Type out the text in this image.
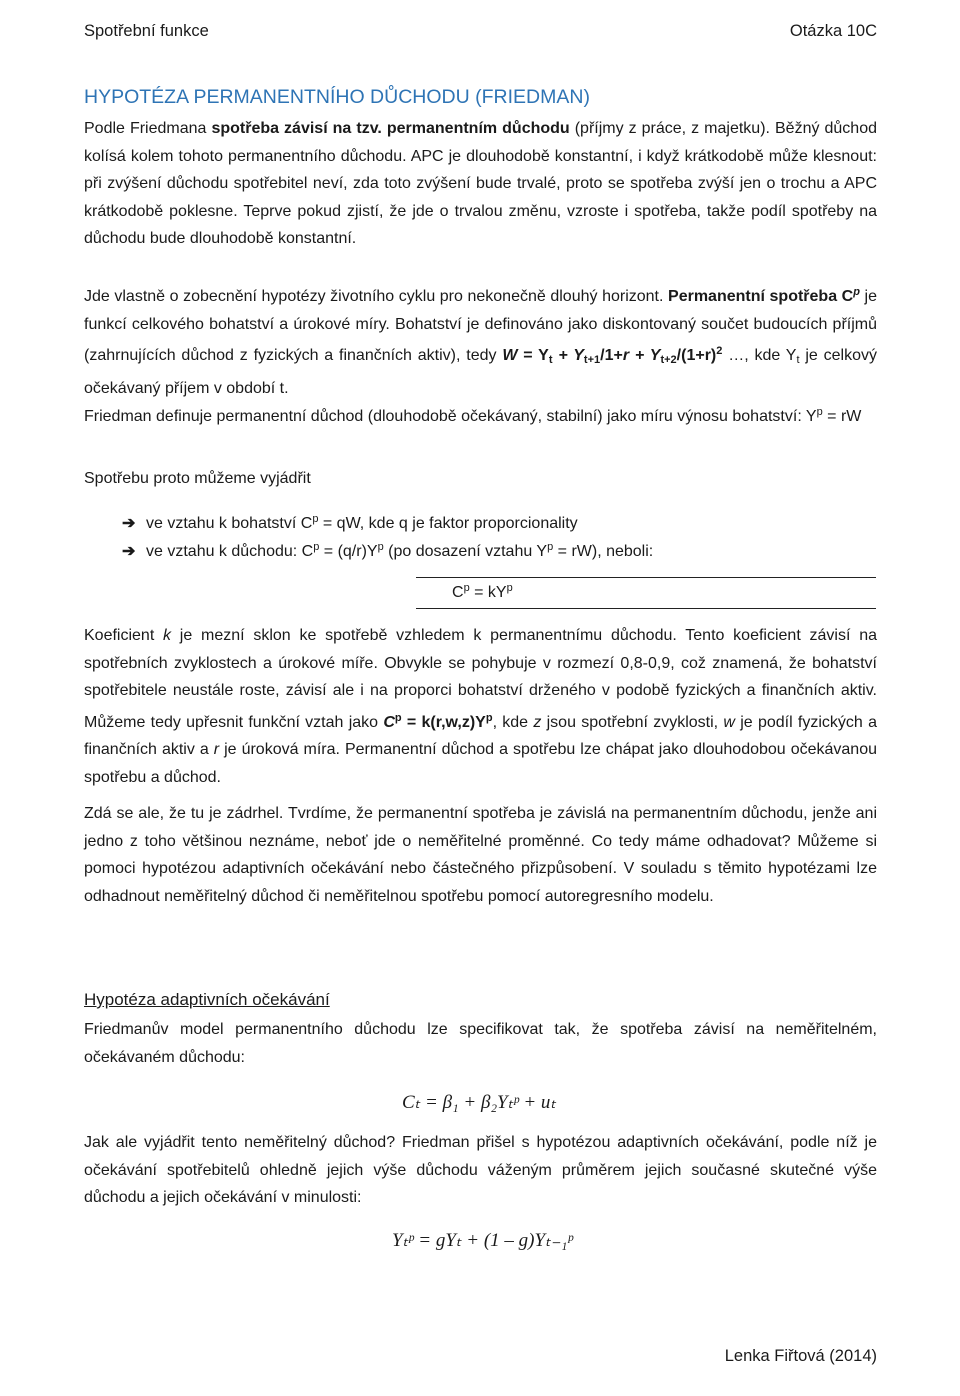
Spotřební funkce	Otázka 10C
HYPOTÉZA PERMANENTNÍHO DŮCHODU (FRIEDMAN)
Podle Friedmana spotřeba závisí na tzv. permanentním důchodu (příjmy z práce, z majetku). Běžný důchod kolísá kolem tohoto permanentního důchodu. APC je dlouhodobě konstantní, i když krátkodobě může klesnout: při zvýšení důchodu spotřebitel neví, zda toto zvýšení bude trvalé, proto se spotřeba zvýší jen o trochu a APC krátkodobě poklesne. Teprve pokud zjistí, že jde o trvalou změnu, vzroste i spotřeba, takže podíl spotřeby na důchodu bude dlouhodobě konstantní.
Jde vlastně o zobecnění hypotézy životního cyklu pro nekonečně dlouhý horizont. Permanentní spotřeba $C^p$ je funkcí celkového bohatství a úrokové míry. Bohatství je definováno jako diskontovaný součet budoucích příjmů (zahrnujících důchod z fyzických a finančních aktiv), tedy $W = Y_t + Y_{t+1}/1+r + Y_{t+2}/(1+r)^2$ …, kde $Y_t$ je celkový očekávaný příjem v období t.
Friedman definuje permanentní důchod (dlouhodobě očekávaný, stabilní) jako míru výnosu bohatství: $Y^p$ = rW
Spotřebu proto můžeme vyjádřit
➔ ve vztahu k bohatství $C^p$ = qW, kde q je faktor proporcionality
➔ ve vztahu k důchodu: $C^p = (q/r)Y^p$ (po dosazení vztahu $Y^p = rW$), neboli:
$C^p = kY^p$
Koeficient k je mezní sklon ke spotřebě vzhledem k permanentnímu důchodu. Tento koeficient závisí na spotřebních zvyklostech a úrokové míře. Obvykle se pohybuje v rozmezí 0,8-0,9, což znamená, že bohatství spotřebitele neustále roste, závisí ale i na proporci bohatství drženého v podobě fyzických a finančních aktiv. Můžeme tedy upřesnit funkční vztah jako $C^p = k(r,w,z)Y^p$, kde z jsou spotřební zvyklosti, w je podíl fyzických a finančních aktiv a r je úroková míra. Permanentní důchod a spotřebu lze chápat jako dlouhodobou očekávanou spotřebu a důchod.
Zdá se ale, že tu je zádrhel. Tvrdíme, že permanentní spotřeba je závislá na permanentním důchodu, jenže ani jedno z toho většinou neznáme, neboť jde o neměřitelné proměnné. Co tedy máme odhadovat? Můžeme si pomoci hypotézou adaptivních očekávání nebo částečného přizpůsobení. V souladu s těmito hypotézami lze odhadnout neměřitelný důchod či neměřitelnou spotřebu pomocí autoregresního modelu.
Hypotéza adaptivních očekávání
Friedmanův model permanentního důchodu lze specifikovat tak, že spotřeba závisí na neměřitelném, očekávaném důchodu:
Cₜ = β₁ + β₂Yₜᵖ + uₜ
Jak ale vyjádřit tento neměřitelný důchod? Friedman přišel s hypotézou adaptivních očekávání, podle níž je očekávání spotřebitelů ohledně jejich výše důchodu váženým průměrem jejich současné skutečné výše důchodu a jejich očekávání v minulosti:
Yₜᵖ = gYₜ + (1 – g)Yₜ₋₁ᵖ
Lenka Fiřtová (2014)
